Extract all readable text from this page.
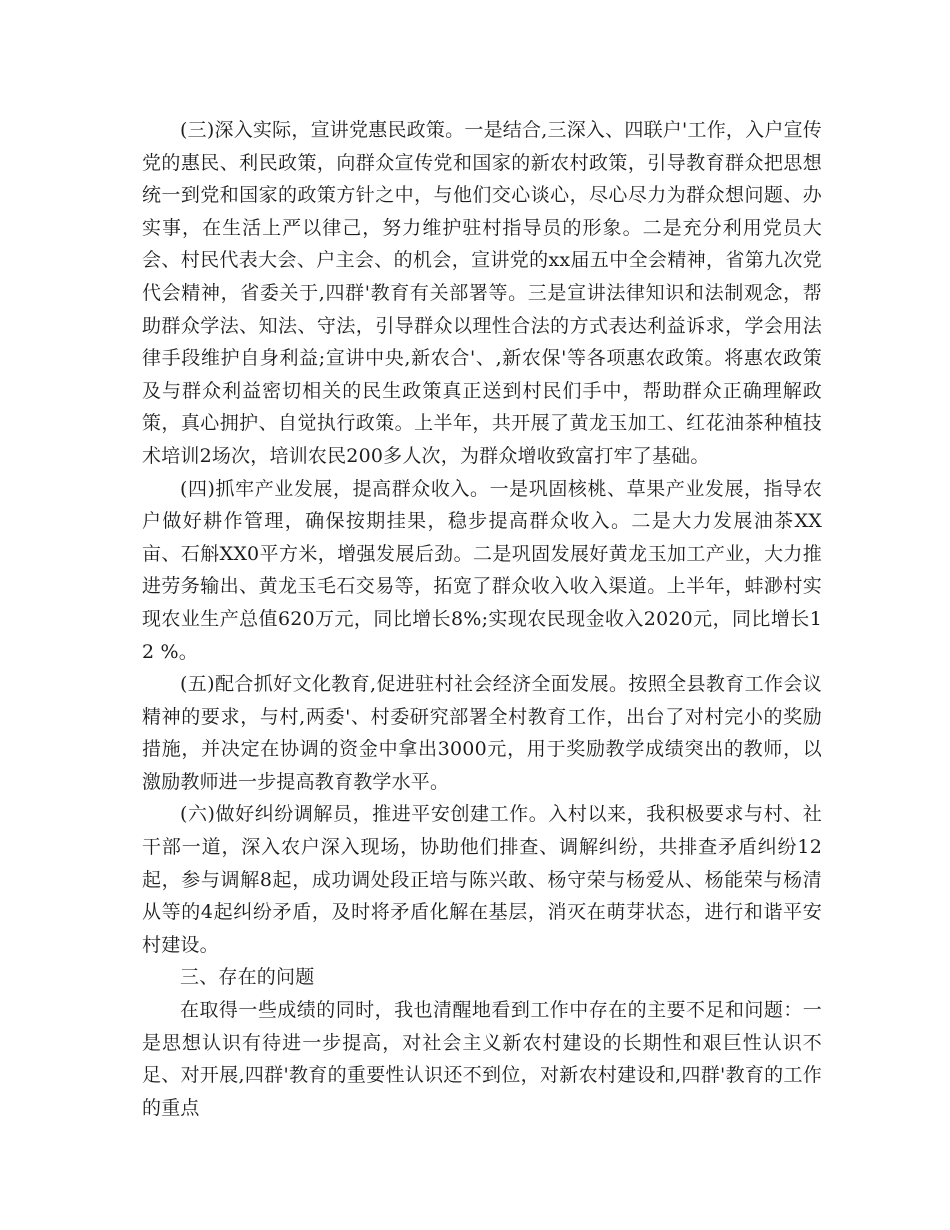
(三)深入实际，宣讲党惠民政策。一是结合,三深入、四联户'工作，入户宣传党的惠民、利民政策，向群众宣传党和国家的新农村政策，引导教育群众把思想统一到党和国家的政策方针之中，与他们交心谈心，尽心尽力为群众想问题、办实事，在生活上严以律己，努力维护驻村指导员的形象。二是充分利用党员大会、村民代表大会、户主会、的机会，宣讲党的xx届五中全会精神，省第九次党代会精神，省委关于,四群'教育有关部署等。三是宣讲法律知识和法制观念，帮助群众学法、知法、守法，引导群众以理性合法的方式表达利益诉求，学会用法律手段维护自身利益;宣讲中央,新农合'、,新农保'等各项惠农政策。将惠农政策及与群众利益密切相关的民生政策真正送到村民们手中，帮助群众正确理解政策，真心拥护、自觉执行政策。上半年，共开展了黄龙玉加工、红花油茶种植技术培训2场次，培训农民200多人次，为群众增收致富打牢了基础。

(四)抓牢产业发展，提高群众收入。一是巩固核桃、草果产业发展，指导农户做好耕作管理，确保按期挂果，稳步提高群众收入。二是大力发展油茶XX亩、石斛XX0平方米，增强发展后劲。二是巩固发展好黄龙玉加工产业，大力推进劳务输出、黄龙玉毛石交易等，拓宽了群众收入收入渠道。上半年，蚌渺村实现农业生产总值620万元，同比增长8%;实现农民现金收入2020元，同比增长12 %。

(五)配合抓好文化教育,促进驻村社会经济全面发展。按照全县教育工作会议精神的要求，与村,两委'、村委研究部署全村教育工作，出台了对村完小的奖励措施，并决定在协调的资金中拿出3000元，用于奖励教学成绩突出的教师，以激励教师进一步提高教育教学水平。

(六)做好纠纷调解员，推进平安创建工作。入村以来，我积极要求与村、社干部一道，深入农户深入现场，协助他们排查、调解纠纷，共排查矛盾纠纷12起，参与调解8起，成功调处段正培与陈兴敢、杨守荣与杨爱从、杨能荣与杨清从等的4起纠纷矛盾，及时将矛盾化解在基层，消灭在萌芽状态，进行和谐平安村建设。

三、存在的问题

在取得一些成绩的同时，我也清醒地看到工作中存在的主要不足和问题：一是思想认识有待进一步提高，对社会主义新农村建设的长期性和艰巨性认识不足、对开展,四群'教育的重要性认识还不到位，对新农村建设和,四群'教育的工作的重点
